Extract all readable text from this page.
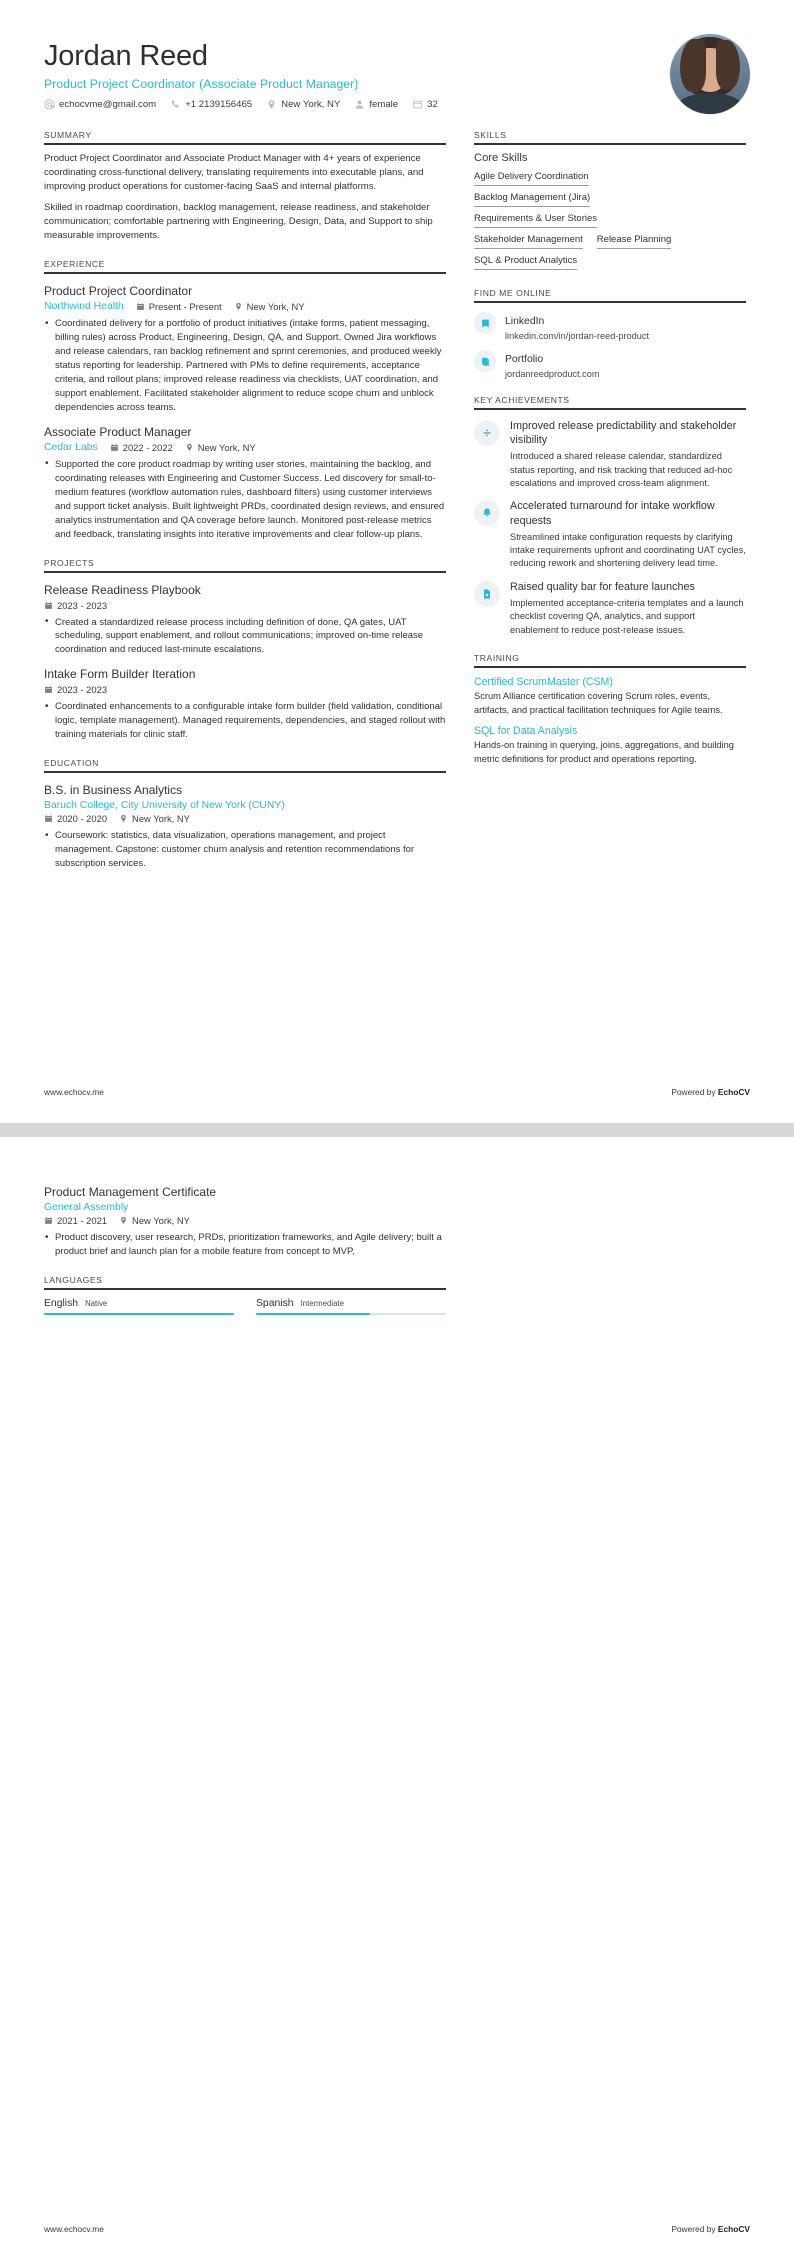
Jordan Reed
Product Project Coordinator (Associate Product Manager)
echocvme@gmail.com	+1 2139156465	New York, NY	female	32
SUMMARY
Product Project Coordinator and Associate Product Manager with 4+ years of experience coordinating cross-functional delivery, translating requirements into executable plans, and improving product operations for customer-facing SaaS and internal platforms.
Skilled in roadmap coordination, backlog management, release readiness, and stakeholder communication; comfortable partnering with Engineering, Design, Data, and Support to ship measurable improvements.
EXPERIENCE
Product Project Coordinator
Northwind Health	Present - Present	New York, NY
• Coordinated delivery for a portfolio of product initiatives (intake forms, patient messaging, billing rules) across Product, Engineering, Design, QA, and Support. Owned Jira workflows and release calendars, ran backlog refinement and sprint ceremonies, and produced weekly status reporting for leadership. Partnered with PMs to define requirements, acceptance criteria, and rollout plans; improved release readiness via checklists, UAT coordination, and support enablement. Facilitated stakeholder alignment to reduce scope churn and unblock dependencies across teams.
Associate Product Manager
Cedar Labs	2022 - 2022	New York, NY
• Supported the core product roadmap by writing user stories, maintaining the backlog, and coordinating releases with Engineering and Customer Success. Led discovery for small-to-medium features (workflow automation rules, dashboard filters) using customer interviews and support ticket analysis. Built lightweight PRDs, coordinated design reviews, and ensured analytics instrumentation and QA coverage before launch. Monitored post-release metrics and feedback, translating insights into iterative improvements and clear follow-up plans.
PROJECTS
Release Readiness Playbook
2023 - 2023
• Created a standardized release process including definition of done, QA gates, UAT scheduling, support enablement, and rollout communications; improved on-time release coordination and reduced last-minute escalations.
Intake Form Builder Iteration
2023 - 2023
• Coordinated enhancements to a configurable intake form builder (field validation, conditional logic, template management). Managed requirements, dependencies, and staged rollout with training materials for clinic staff.
EDUCATION
B.S. in Business Analytics
Baruch College, City University of New York (CUNY)
2020 - 2020	New York, NY
• Coursework: statistics, data visualization, operations management, and project management. Capstone: customer churn analysis and retention recommendations for subscription services.
SKILLS
Core Skills
Agile Delivery Coordination
Backlog Management (Jira)
Requirements & User Stories
Stakeholder Management Release Planning
SQL & Product Analytics
FIND ME ONLINE
LinkedIn
linkedin.com/in/jordan-reed-product
Portfolio
jordanreedproduct.com
KEY ACHIEVEMENTS
Improved release predictability and stakeholder visibility
Introduced a shared release calendar, standardized status reporting, and risk tracking that reduced ad-hoc escalations and improved cross-team alignment.
Accelerated turnaround for intake workflow requests
Streamlined intake configuration requests by clarifying intake requirements upfront and coordinating UAT cycles, reducing rework and shortening delivery lead time.
Raised quality bar for feature launches
Implemented acceptance-criteria templates and a launch checklist covering QA, analytics, and support enablement to reduce post-release issues.
TRAINING
Certified ScrumMaster (CSM)
Scrum Alliance certification covering Scrum roles, events, artifacts, and practical facilitation techniques for Agile teams.
SQL for Data Analysis
Hands-on training in querying, joins, aggregations, and building metric definitions for product and operations reporting.
www.echocv.me	Powered by EchoCV
Product Management Certificate
General Assembly
2021 - 2021	New York, NY
• Product discovery, user research, PRDs, prioritization frameworks, and Agile delivery; built a product brief and launch plan for a mobile feature from concept to MVP.
LANGUAGES
English Native	Spanish Intermediate
www.echocv.me	Powered by EchoCV
